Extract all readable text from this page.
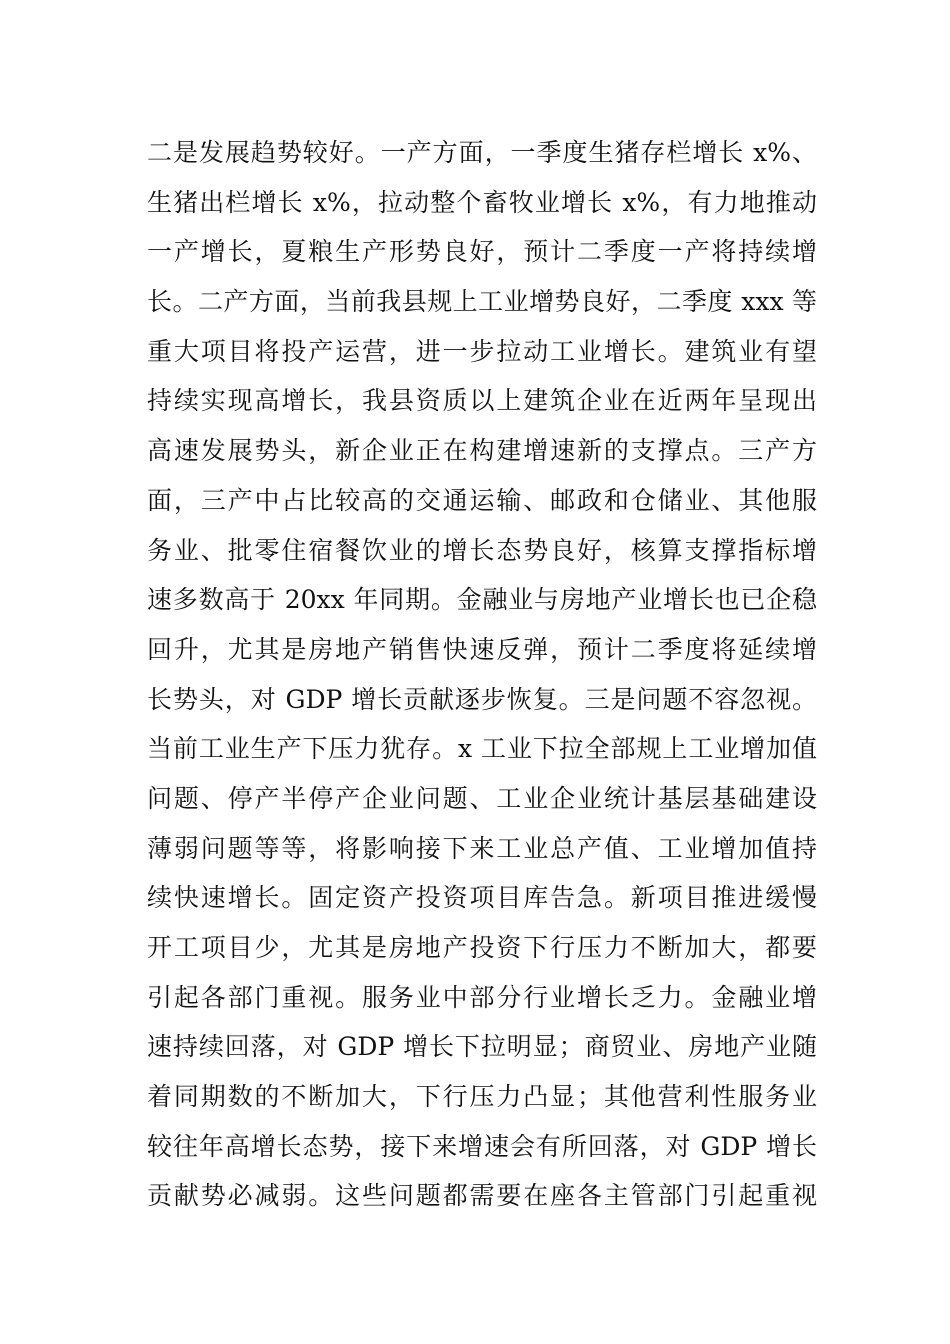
二是发展趋势较好。一产方面，一季度生猪存栏增长 x%、
生猪出栏增长 x%，拉动整个畜牧业增长 x%，有力地推动
一产增长，夏粮生产形势良好，预计二季度一产将持续增
长。二产方面，当前我县规上工业增势良好，二季度 xxx 等
重大项目将投产运营，进一步拉动工业增长。建筑业有望
持续实现高增长，我县资质以上建筑企业在近两年呈现出
高速发展势头，新企业正在构建增速新的支撑点。三产方
面，三产中占比较高的交通运输、邮政和仓储业、其他服
务业、批零住宿餐饮业的增长态势良好，核算支撑指标增
速多数高于 20xx 年同期。金融业与房地产业增长也已企稳
回升，尤其是房地产销售快速反弹，预计二季度将延续增
长势头，对 GDP 增长贡献逐步恢复。三是问题不容忽视。
当前工业生产下压力犹存。x 工业下拉全部规上工业增加值
问题、停产半停产企业问题、工业企业统计基层基础建设
薄弱问题等等，将影响接下来工业总产值、工业增加值持
续快速增长。固定资产投资项目库告急。新项目推进缓慢
开工项目少，尤其是房地产投资下行压力不断加大，都要
引起各部门重视。服务业中部分行业增长乏力。金融业增
速持续回落，对 GDP 增长下拉明显；商贸业、房地产业随
着同期数的不断加大，下行压力凸显；其他营利性服务业
较往年高增长态势，接下来增速会有所回落，对 GDP 增长
贡献势必减弱。这些问题都需要在座各主管部门引起重视
